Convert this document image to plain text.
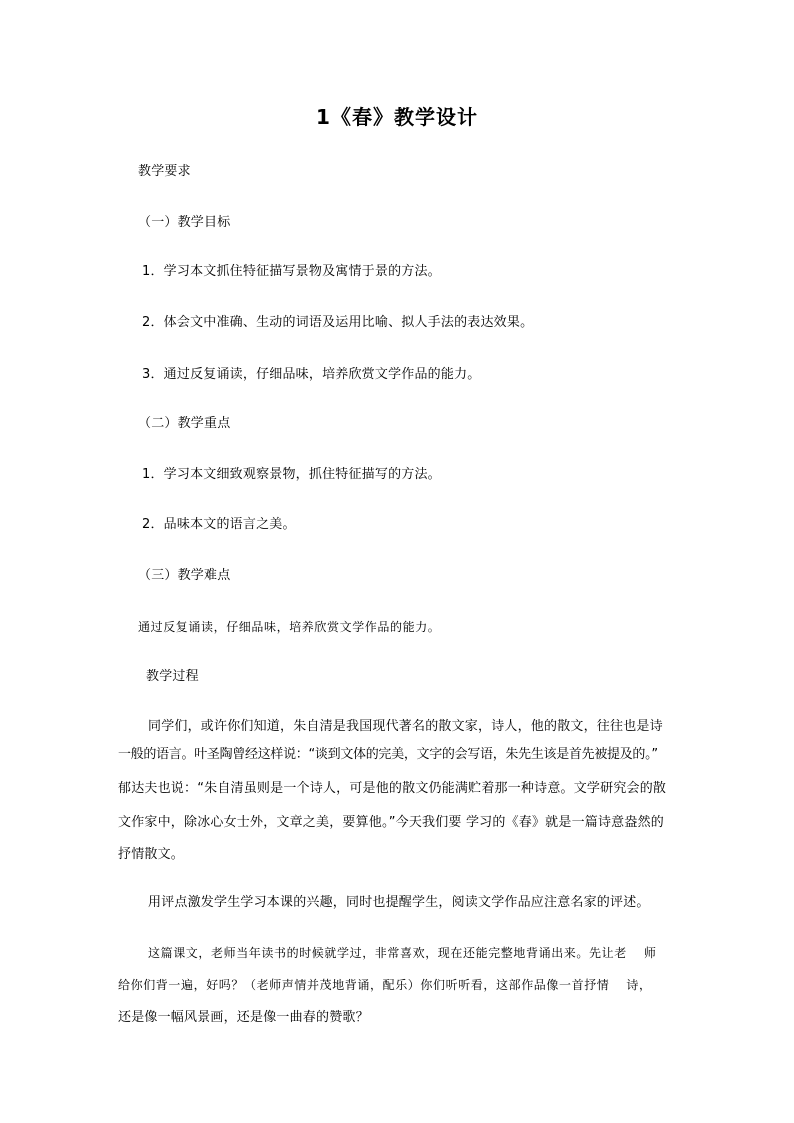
1《春》教学设计
教学要求
（一）教学目标
1．学习本文抓住特征描写景物及寓情于景的方法。
2．体会文中准确、生动的词语及运用比喻、拟人手法的表达效果。
3．通过反复诵读，仔细品味，培养欣赏文学作品的能力。
（二）教学重点
1．学习本文细致观察景物，抓住特征描写的方法。
2．品味本文的语言之美。
（三）教学难点
通过反复诵读，仔细品味，培养欣赏文学作品的能力。
教学过程
同学们，或许你们知道，朱自清是我国现代著名的散文家，诗人，他的散文，往往也是诗
一般的语言。叶圣陶曾经这样说：“谈到文体的完美，文字的会写语，朱先生该是首先被提及的。”
郁达夫也说：“朱自清虽则是一个诗人，可是他的散文仍能满贮着那一种诗意。文学研究会的散
文作家中，除冰心女士外，文章之美，要算他。”今天我们要 学习的《春》就是一篇诗意盎然的
抒情散文。
用评点激发学生学习本课的兴趣，同时也提醒学生，阅读文学作品应注意名家的评述。
这篇课文，老师当年读书的时候就学过，非常喜欢，现在还能完整地背诵出来。先让老　 师
给你们背一遍，好吗？（老师声情并茂地背诵，配乐）你们听听看，这部作品像一首抒情　 诗，
还是像一幅风景画，还是像一曲春的赞歌？
